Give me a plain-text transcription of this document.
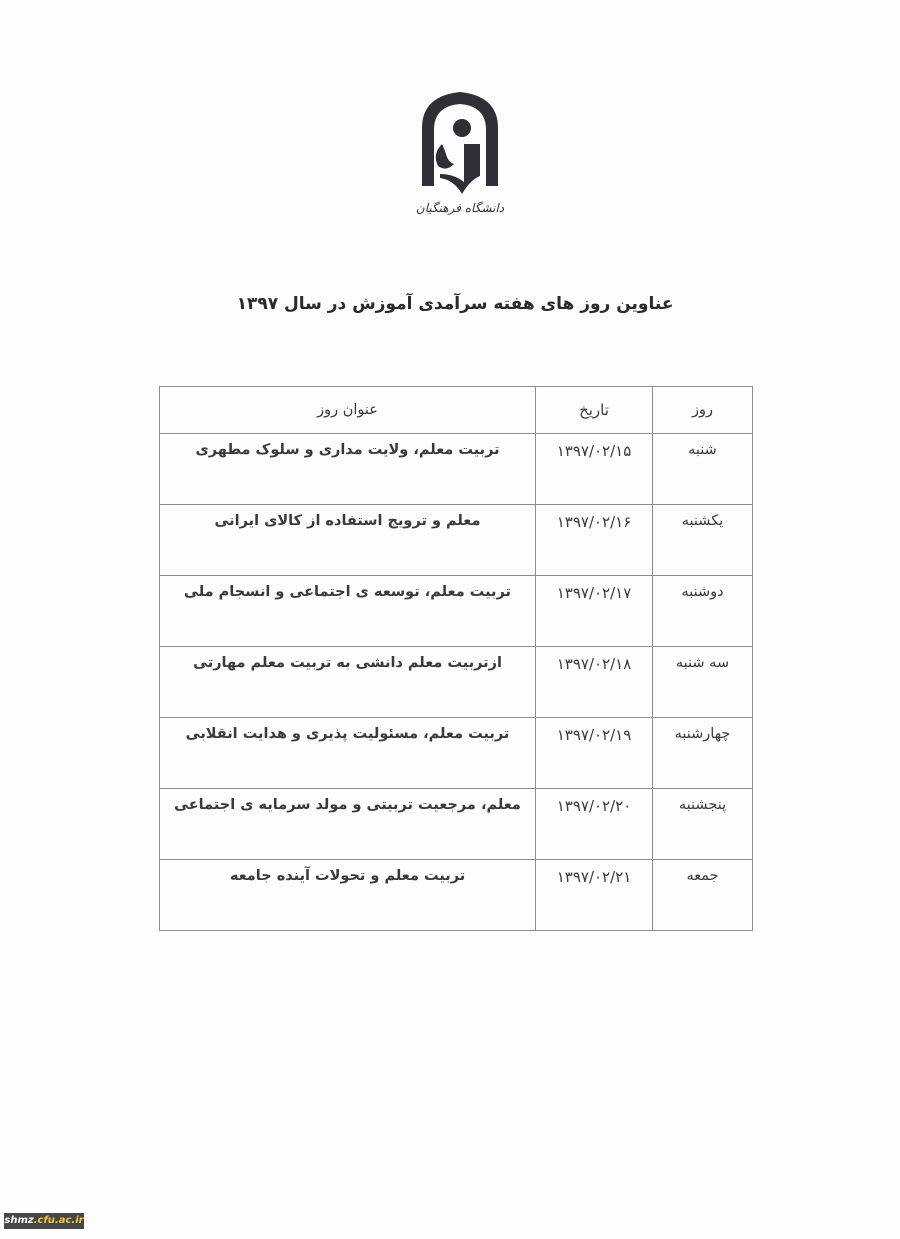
دانشگاه فرهنگیان
عناوین روز های هفته سرآمدی آموزش در سال ۱۳۹۷
روز	تاریخ	عنوان روز
شنبه	۱۳۹۷/۰۲/۱۵	تربیت معلم، ولایت مداری و سلوک مطهری
یکشنبه	۱۳۹۷/۰۲/۱۶	معلم و ترویج استفاده از کالای ایرانی
دوشنبه	۱۳۹۷/۰۲/۱۷	تربیت معلم، توسعه ی اجتماعی و انسجام ملی
سه شنبه	۱۳۹۷/۰۲/۱۸	ازتربیت معلم دانشی به تربیت معلم مهارتی
چهارشنبه	۱۳۹۷/۰۲/۱۹	تربیت معلم، مسئولیت پذیری و هدایت انقلابی
پنجشنبه	۱۳۹۷/۰۲/۲۰	معلم، مرجعیت تربیتی و مولد سرمایه ی اجتماعی
جمعه	۱۳۹۷/۰۲/۲۱	تربیت معلم و تحولات آینده جامعه
shmz.cfu.ac.ir
